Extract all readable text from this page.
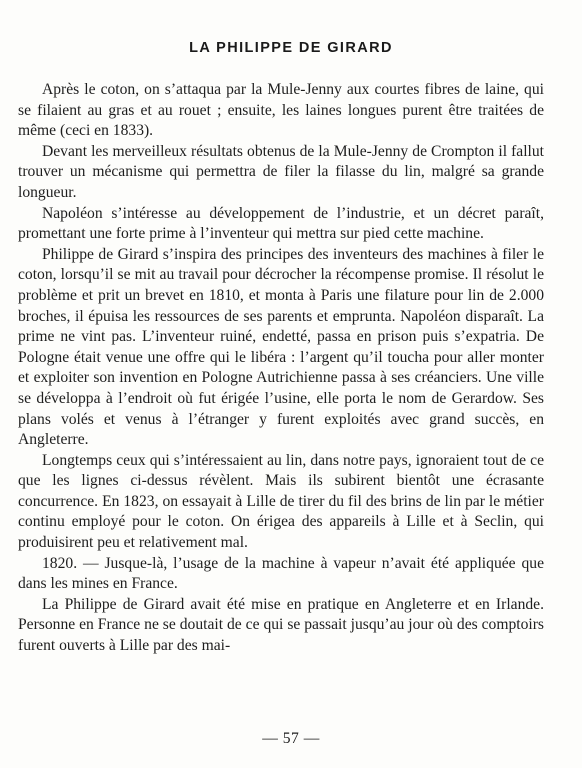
LA PHILIPPE DE GIRARD

Après le coton, on s’attaqua par la Mule-Jenny aux courtes fibres de laine, qui se filaient au gras et au rouet ; ensuite, les laines longues purent être traitées de même (ceci en 1833).

Devant les merveilleux résultats obtenus de la Mule-Jenny de Crompton il fallut trouver un mécanisme qui permettra de filer la filasse du lin, malgré sa grande longueur.

Napoléon s’intéresse au développement de l’industrie, et un décret paraît, promettant une forte prime à l’inventeur qui mettra sur pied cette machine.

Philippe de Girard s’inspira des principes des inventeurs des machines à filer le coton, lorsqu’il se mit au travail pour décrocher la récompense promise. Il résolut le problème et prit un brevet en 1810, et monta à Paris une filature pour lin de 2.000 broches, il épuisa les ressources de ses parents et emprunta. Napoléon disparaît. La prime ne vint pas. L’inventeur ruiné, endetté, passa en prison puis s’expatria. De Pologne était venue une offre qui le libéra : l’argent qu’il toucha pour aller monter et exploiter son invention en Pologne Autrichienne passa à ses créanciers. Une ville se développa à l’endroit où fut érigée l’usine, elle porta le nom de Gerardow. Ses plans volés et venus à l’étranger y furent exploités avec grand succès, en Angleterre.

Longtemps ceux qui s’intéressaient au lin, dans notre pays, ignoraient tout de ce que les lignes ci-dessus révèlent. Mais ils subirent bientôt une écrasante concurrence. En 1823, on essayait à Lille de tirer du fil des brins de lin par le métier continu employé pour le coton. On érigea des appareils à Lille et à Seclin, qui produisirent peu et relativement mal.

1820. — Jusque-là, l’usage de la machine à vapeur n’avait été appliquée que dans les mines en France.

La Philippe de Girard avait été mise en pratique en Angleterre et en Irlande. Personne en France ne se doutait de ce qui se passait jusqu’au jour où des comptoirs furent ouverts à Lille par des mai-

— 57 —
